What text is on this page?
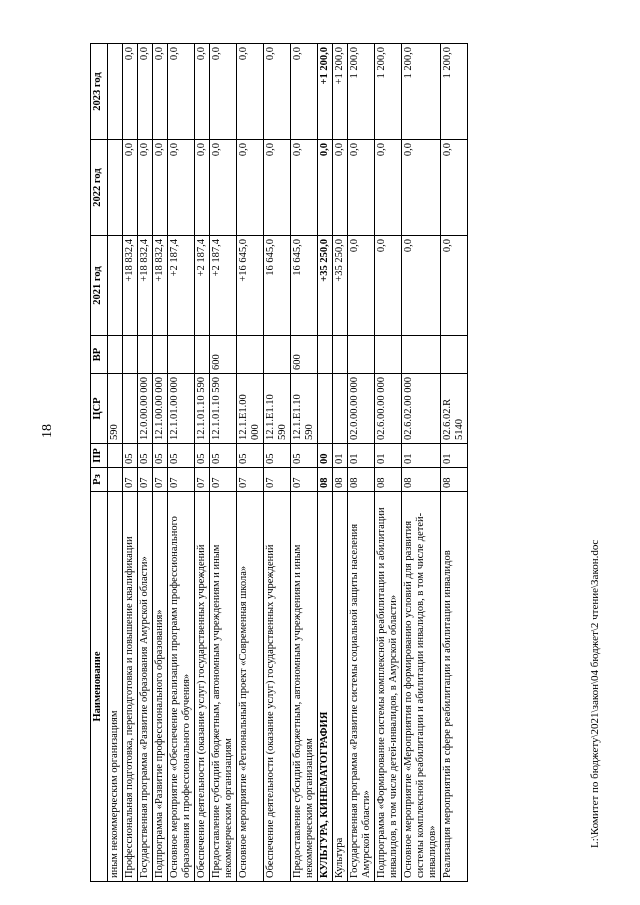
18
Наименование	Рз	ПР	ЦСР	ВР	2021 год	2022 год	2023 год
иным некоммерческим организациям			590				
Профессиональная подготовка, переподготовка и повышение квалификации	07	05			+18 832,4	0,0	0,0
Государственная программа «Развитие образования Амурской области»	07	05	12.0.00.00 000		+18 832,4	0,0	0,0
Подпрограмма «Развитие профессионального образования»	07	05	12.1.00.00 000		+18 832,4	0,0	0,0
Основное мероприятие «Обеспечение реализации программ профессионального образования и профессионального обучения»	07	05	12.1.01.00 000		+2 187,4	0,0	0,0
Обеспечение деятельности (оказание услуг) государственных учреждений	07	05	12.1.01.10 590		+2 187,4	0,0	0,0
Предоставление субсидий бюджетным, автономным учреждениям и иным некоммерческим организациям	07	05	12.1.01.10 590	600	+2 187,4	0,0	0,0
Основное мероприятие «Региональный проект «Современная школа»	07	05	12.1.E1.00 000		+16 645,0	0,0	0,0
Обеспечение деятельности (оказание услуг) государственных учреждений	07	05	12.1.E1.10 590		16 645,0	0,0	0,0
Предоставление субсидий бюджетным, автономным учреждениям и иным некоммерческим организациям	07	05	12.1.E1.10 590	600	16 645,0	0,0	0,0
КУЛЬТУРА, КИНЕМАТОГРАФИЯ	08	00			+35 250,0	0,0	+1 200,0
Культура	08	01			+35 250,0	0,0	+1 200,0
Государственная программа «Развитие системы социальной защиты населения Амурской области»	08	01	02.0.00.00 000		0,0	0,0	1 200,0
Подпрограмма «Формирование системы комплексной реабилитации и абилитации инвалидов, в том числе детей-инвалидов, в Амурской области»	08	01	02.6.00.00 000		0,0	0,0	1 200,0
Основное мероприятие «Мероприятия по формированию условий для развития системы комплексной реабилитации и абилитации инвалидов, в том числе детей-инвалидов»	08	01	02.6.02.00 000		0,0	0,0	1 200,0
Реализация мероприятий в сфере реабилитации и абилитации инвалидов	08	01	02.6.02.R 5140		0,0	0,0	1 200,0
L:\Комитет по бюджету\2021\закон\04 бюджет\2 чтение\Закон.doc
